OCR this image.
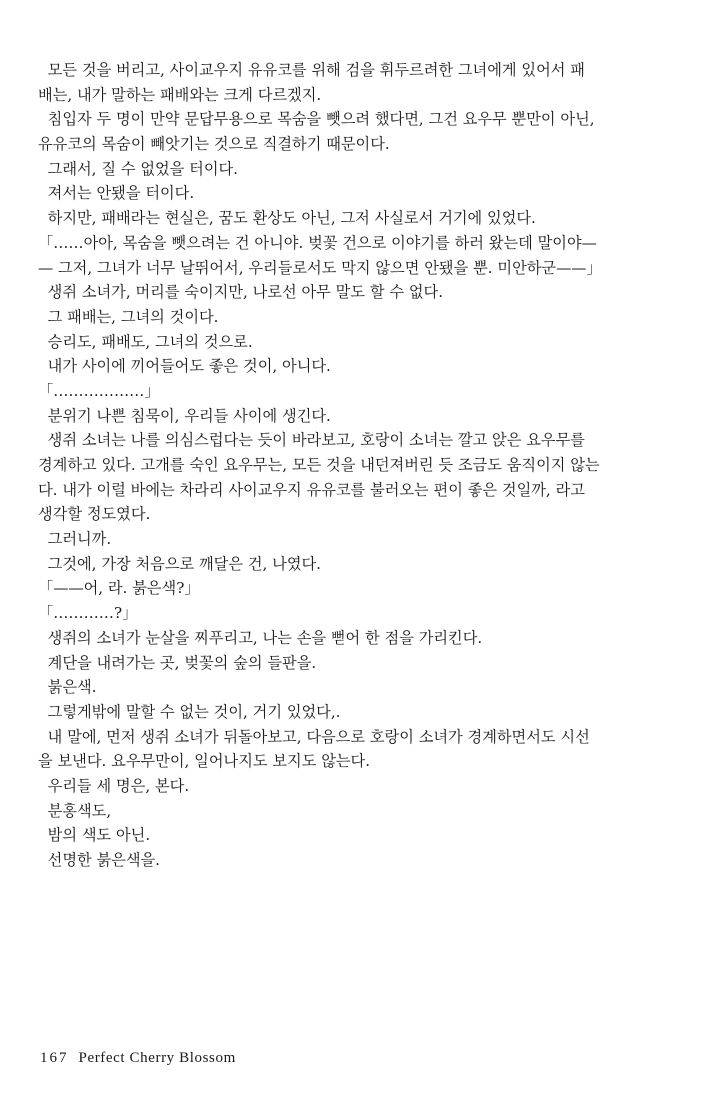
모든 것을 버리고, 사이교우지 유유코를 위해 검을 휘두르려한 그녀에게 있어서 패
배는, 내가 말하는 패배와는 크게 다르겠지.
침입자 두 명이 만약 문답무용으로 목숨을 뺏으려 했다면, 그건 요우무 뿐만이 아닌,
유유코의 목숨이 빼앗기는 것으로 직결하기 때문이다.
그래서, 질 수 없었을 터이다.
져서는 안됐을 터이다.
하지만, 패배라는 현실은, 꿈도 환상도 아닌, 그저 사실로서 거기에 있었다.
「……아아, 목숨을 뺏으려는 건 아니야. 벚꽃 건으로 이야기를 하러 왔는데 말이야—
— 그저, 그녀가 너무 날뛰어서, 우리들로서도 막지 않으면 안됐을 뿐. 미안하군——」
생쥐 소녀가, 머리를 숙이지만, 나로선 아무 말도 할 수 없다.
그 패배는, 그녀의 것이다.
승리도, 패배도, 그녀의 것으로.
내가 사이에 끼어들어도 좋은 것이, 아니다.
「………………」
분위기 나쁜 침묵이, 우리들 사이에 생긴다.
생쥐 소녀는 나를 의심스럽다는 듯이 바라보고, 호랑이 소녀는 깔고 앉은 요우무를
경계하고 있다. 고개를 숙인 요우무는, 모든 것을 내던져버린 듯 조금도 움직이지 않는
다. 내가 이럴 바에는 차라리 사이교우지 유유코를 불러오는 편이 좋은 것일까, 라고
생각할 정도였다.
그러니까.
그것에, 가장 처음으로 깨달은 건, 나였다.
「——어, 라. 붉은색?」
「…………?」
생쥐의 소녀가 눈살을 찌푸리고, 나는 손을 뻗어 한 점을 가리킨다.
계단을 내려가는 곳, 벚꽃의 숲의 들판을.
붉은색.
그렇게밖에 말할 수 없는 것이, 거기 있었다,.
내 말에, 먼저 생쥐 소녀가 뒤돌아보고, 다음으로 호랑이 소녀가 경계하면서도 시선
을 보낸다. 요우무만이, 일어나지도 보지도 않는다.
우리들 세 명은, 본다.
분홍색도,
밤의 색도 아닌.
선명한 붉은색을.
167 Perfect Cherry Blossom
